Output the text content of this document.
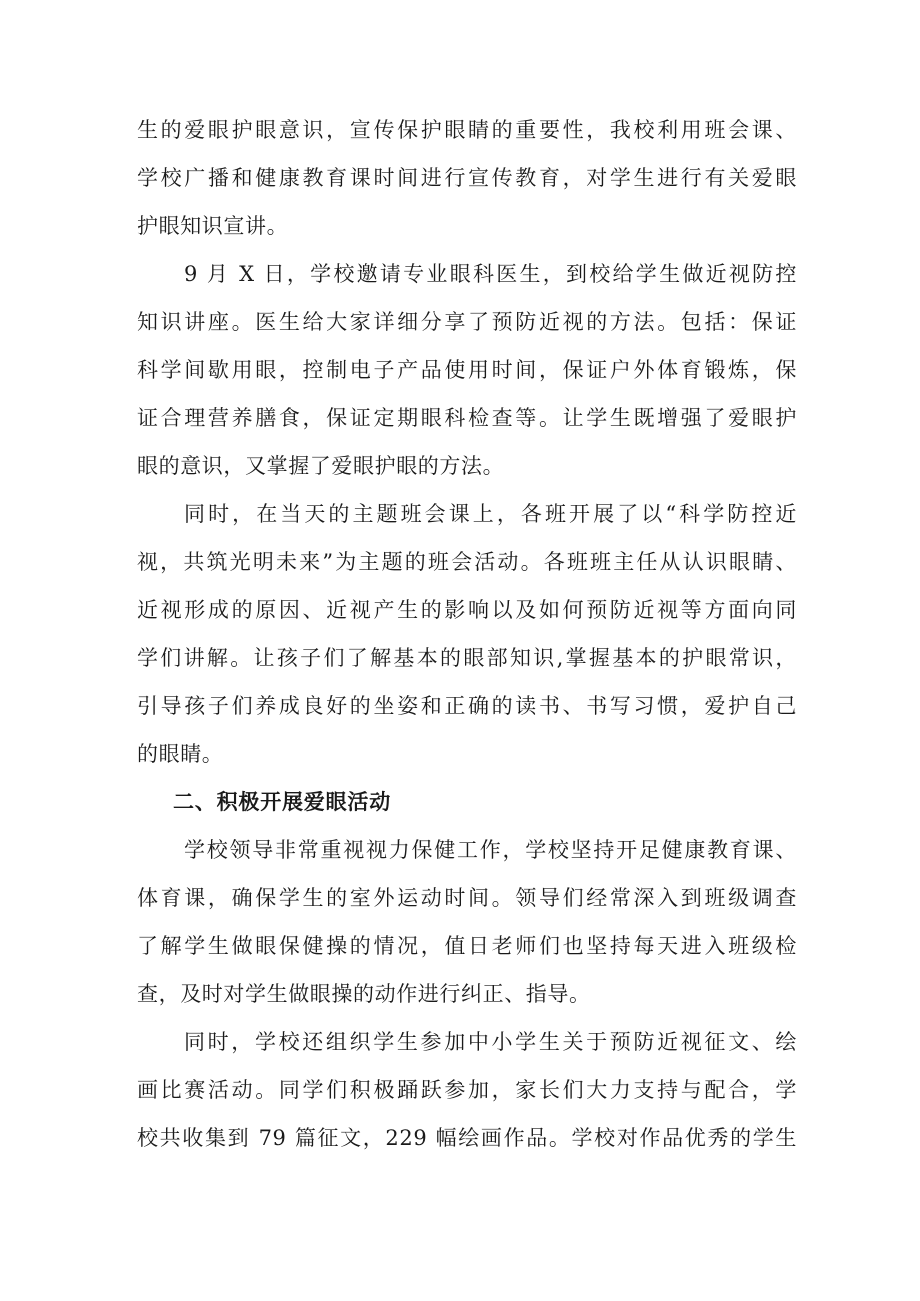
生的爱眼护眼意识，宣传保护眼睛的重要性，我校利用班会课、
学校广播和健康教育课时间进行宣传教育，对学生进行有关爱眼
护眼知识宣讲。
9 月 X 日，学校邀请专业眼科医生，到校给学生做近视防控
知识讲座。医生给大家详细分享了预防近视的方法。包括：保证
科学间歇用眼，控制电子产品使用时间，保证户外体育锻炼，保
证合理营养膳食，保证定期眼科检查等。让学生既增强了爱眼护
眼的意识，又掌握了爱眼护眼的方法。
同时，在当天的主题班会课上，各班开展了以“科学防控近
视，共筑光明未来”为主题的班会活动。各班班主任从认识眼睛、
近视形成的原因、近视产生的影响以及如何预防近视等方面向同
学们讲解。让孩子们了解基本的眼部知识,掌握基本的护眼常识，
引导孩子们养成良好的坐姿和正确的读书、书写习惯，爱护自己
的眼睛。
二、积极开展爱眼活动
学校领导非常重视视力保健工作，学校坚持开足健康教育课、
体育课，确保学生的室外运动时间。领导们经常深入到班级调查
了解学生做眼保健操的情况，值日老师们也坚持每天进入班级检
查，及时对学生做眼操的动作进行纠正、指导。
同时，学校还组织学生参加中小学生关于预防近视征文、绘
画比赛活动。同学们积极踊跃参加，家长们大力支持与配合，学
校共收集到 79 篇征文，229 幅绘画作品。学校对作品优秀的学生
